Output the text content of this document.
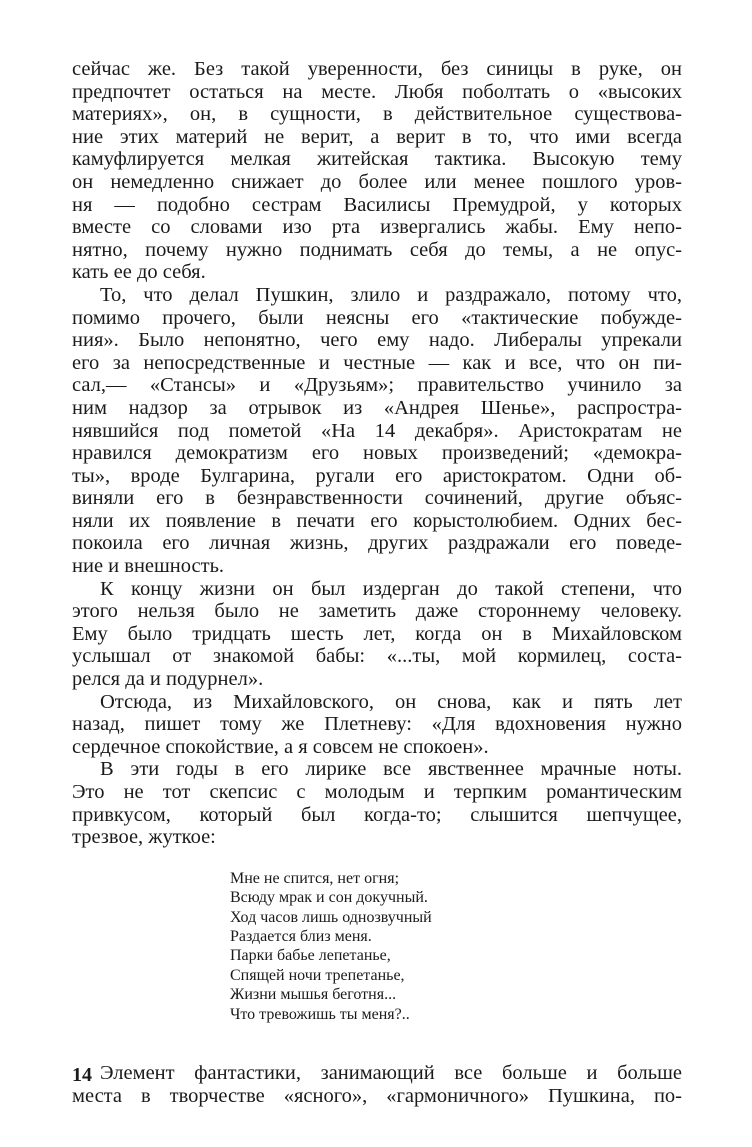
сейчас же. Без такой уверенности, без синицы в руке, он
предпочтет остаться на месте. Любя поболтать о «высоких
материях», он, в сущности, в действительное существова-
ние этих материй не верит, а верит в то, что ими всегда
камуфлируется мелкая житейская тактика. Высокую тему
он немедленно снижает до более или менее пошлого уров-
ня — подобно сестрам Василисы Премудрой, у которых
вместе со словами изо рта извергались жабы. Ему непо-
нятно, почему нужно поднимать себя до темы, а не опус-
кать ее до себя.
То, что делал Пушкин, злило и раздражало, потому что,
помимо прочего, были неясны его «тактические побужде-
ния». Было непонятно, чего ему надо. Либералы упрекали
его за непосредственные и честные — как и все, что он пи-
сал,— «Стансы» и «Друзьям»; правительство учинило за
ним надзор за отрывок из «Андрея Шенье», распростра-
нявшийся под пометой «На 14 декабря». Аристократам не
нравился демократизм его новых произведений; «демокра-
ты», вроде Булгарина, ругали его аристократом. Одни об-
виняли его в безнравственности сочинений, другие объяс-
няли их появление в печати его корыстолюбием. Одних бес-
покоила его личная жизнь, других раздражали его поведе-
ние и внешность.
К концу жизни он был издерган до такой степени, что
этого нельзя было не заметить даже стороннему человеку.
Ему было тридцать шесть лет, когда он в Михайловском
услышал от знакомой бабы: «...ты, мой кормилец, соста-
релся да и подурнел».
Отсюда, из Михайловского, он снова, как и пять лет
назад, пишет тому же Плетневу: «Для вдохновения нужно
сердечное спокойствие, а я совсем не спокоен».
В эти годы в его лирике все явственнее мрачные ноты.
Это не тот скепсис с молодым и терпким романтическим
привкусом, который был когда-то; слышится шепчущее,
трезвое, жуткое:
Мне не спится, нет огня;
Всюду мрак и сон докучный.
Ход часов лишь однозвучный
Раздается близ меня.
Парки бабье лепетанье,
Спящей ночи трепетанье,
Жизни мышья беготня...
Что тревожишь ты меня?..
Элемент фантастики, занимающий все больше и больше
места в творчестве «ясного», «гармоничного» Пушкина, по-
14
